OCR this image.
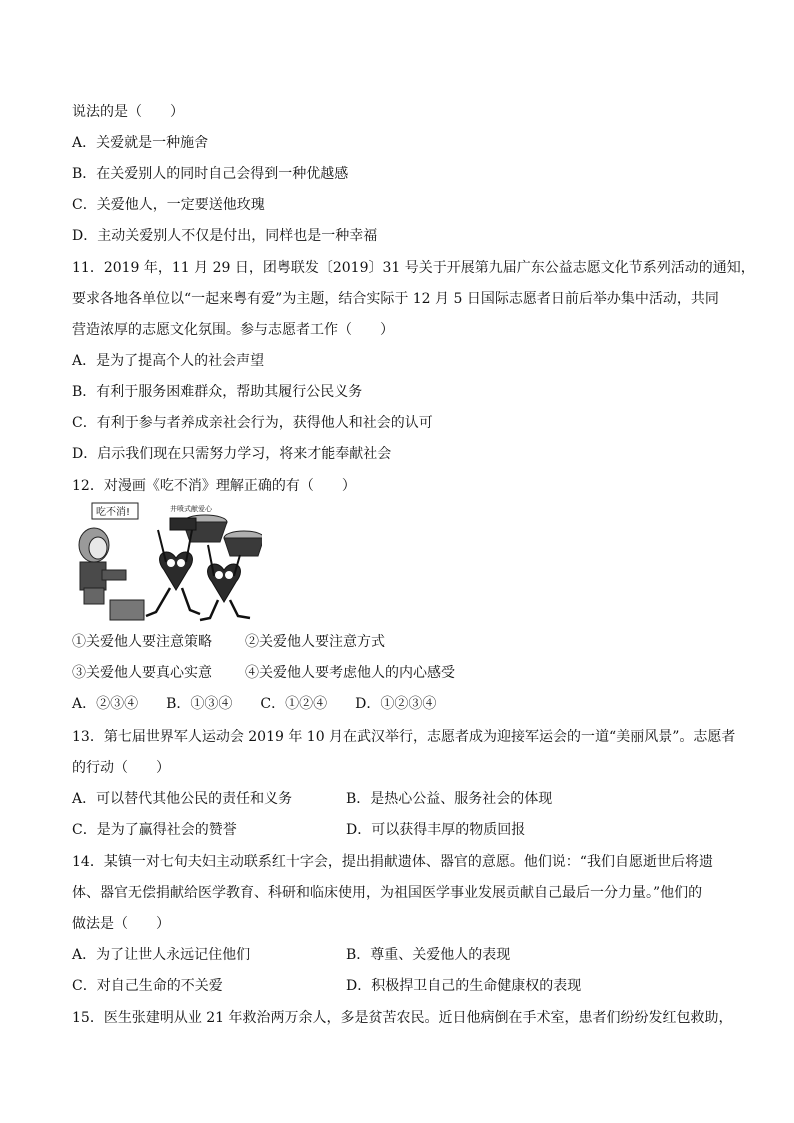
说法的是（　　）
A．关爱就是一种施舍
B．在关爱别人的同时自己会得到一种优越感
C．关爱他人，一定要送他玫瑰
D．主动关爱别人不仅是付出，同样也是一种幸福
11．2019 年，11 月 29 日，团粤联发〔2019〕31 号关于开展第九届广东公益志愿文化节系列活动的通知，
要求各地各单位以“一起来粤有爱”为主题，结合实际于 12 月 5 日国际志愿者日前后举办集中活动，共同
营造浓厚的志愿文化氛围。参与志愿者工作（　　）
A．是为了提高个人的社会声望
B．有利于服务困难群众，帮助其履行公民义务
C．有利于参与者养成亲社会行为，获得他人和社会的认可
D．启示我们现在只需努力学习，将来才能奉献社会
12．对漫画《吃不消》理解正确的有（　　）
吃不消!	井喷式献爱心
①关爱他人要注意策略 ②关爱他人要注意方式
③关爱他人要真心实意 ④关爱他人要考虑他人的内心感受
A．②③④　　B．①③④　　C．①②④　　D．①②③④
13．第七届世界军人运动会 2019 年 10 月在武汉举行，志愿者成为迎接军运会的一道“美丽风景”。志愿者
的行动（　　）
A．可以替代其他公民的责任和义务	B．是热心公益、服务社会的体现
C．是为了赢得社会的赞誉	D．可以获得丰厚的物质回报
14．某镇一对七旬夫妇主动联系红十字会，提出捐献遗体、器官的意愿。他们说：“我们自愿逝世后将遗
体、器官无偿捐献给医学教育、科研和临床使用，为祖国医学事业发展贡献自己最后一分力量。”他们的
做法是（　　）
A．为了让世人永远记住他们	B．尊重、关爱他人的表现
C．对自己生命的不关爱	D．积极捍卫自己的生命健康权的表现
15．医生张建明从业 21 年救治两万余人，多是贫苦农民。近日他病倒在手术室，患者们纷纷发红包救助，
